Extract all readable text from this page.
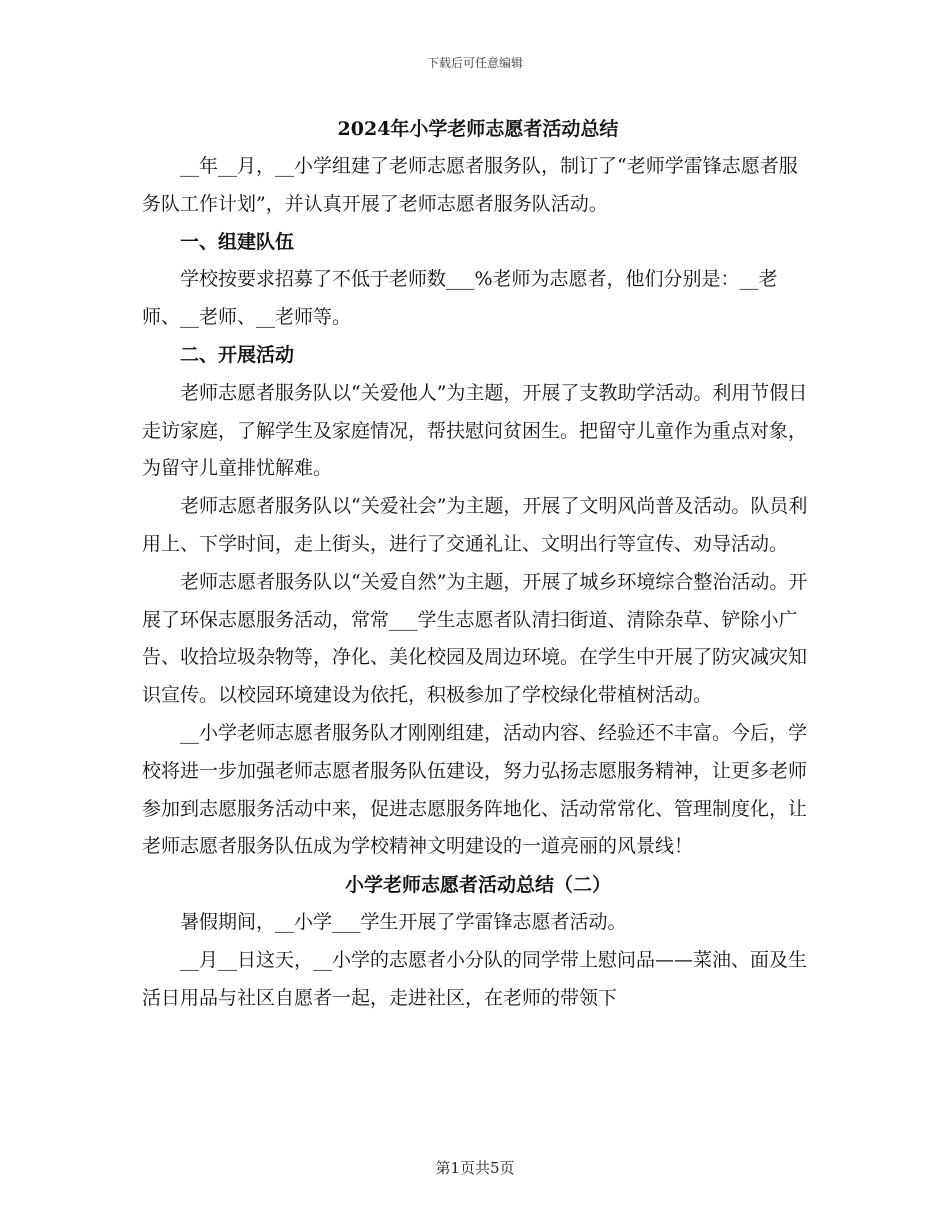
下载后可任意编辑
2024年小学老师志愿者活动总结

__年__月，__小学组建了老师志愿者服务队，制订了“老师学雷锋志愿者服务队工作计划”，并认真开展了老师志愿者服务队活动。

一、组建队伍

学校按要求招募了不低于老师数___%老师为志愿者，他们分别是：__老师、__老师、__老师等。

二、开展活动

老师志愿者服务队以“关爱他人”为主题，开展了支教助学活动。利用节假日走访家庭，了解学生及家庭情况，帮扶慰问贫困生。把留守儿童作为重点对象，为留守儿童排忧解难。

老师志愿者服务队以“关爱社会”为主题，开展了文明风尚普及活动。队员利用上、下学时间，走上街头，进行了交通礼让、文明出行等宣传、劝导活动。

老师志愿者服务队以“关爱自然”为主题，开展了城乡环境综合整治活动。开展了环保志愿服务活动，常常___学生志愿者队清扫街道、清除杂草、铲除小广告、收拾垃圾杂物等，净化、美化校园及周边环境。在学生中开展了防灾减灾知识宣传。以校园环境建设为依托，积极参加了学校绿化带植树活动。

__小学老师志愿者服务队才刚刚组建，活动内容、经验还不丰富。今后，学校将进一步加强老师志愿者服务队伍建设，努力弘扬志愿服务精神，让更多老师参加到志愿服务活动中来，促进志愿服务阵地化、活动常常化、管理制度化，让老师志愿者服务队伍成为学校精神文明建设的一道亮丽的风景线！

小学老师志愿者活动总结（二）

暑假期间，__小学___学生开展了学雷锋志愿者活动。

__月__日这天，__小学的志愿者小分队的同学带上慰问品——菜油、面及生活日用品与社区自愿者一起，走进社区，在老师的带领下

第1页共5页
